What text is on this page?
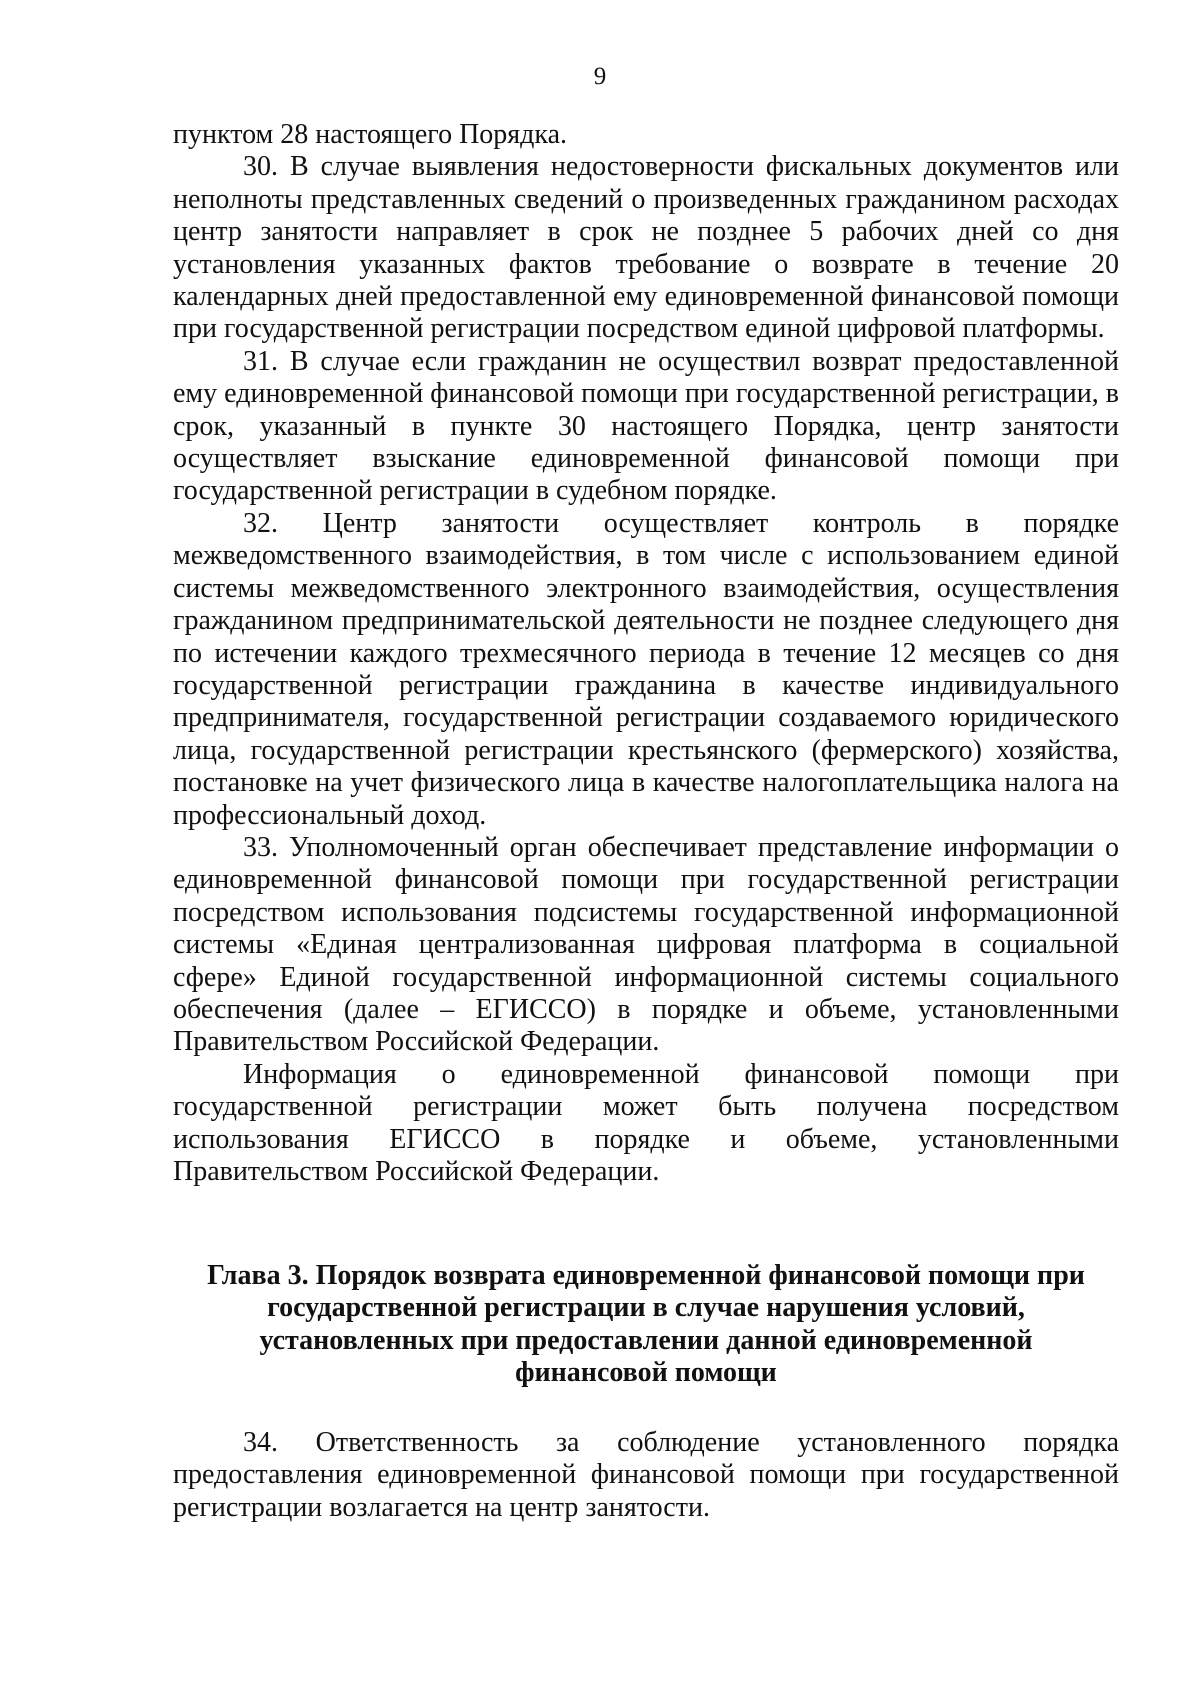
9

пунктом 28 настоящего Порядка.

30. В случае выявления недостоверности фискальных документов или неполноты представленных сведений о произведенных гражданином расходах центр занятости направляет в срок не позднее 5 рабочих дней со дня установления указанных фактов требование о возврате в течение 20 календарных дней предоставленной ему единовременной финансовой помощи при государственной регистрации посредством единой цифровой платформы.

31. В случае если гражданин не осуществил возврат предоставленной ему единовременной финансовой помощи при государственной регистрации, в срок, указанный в пункте 30 настоящего Порядка, центр занятости осуществляет взыскание единовременной финансовой помощи при государственной регистрации в судебном порядке.

32. Центр занятости осуществляет контроль в порядке межведомственного взаимодействия, в том числе с использованием единой системы межведомственного электронного взаимодействия, осуществления гражданином предпринимательской деятельности не позднее следующего дня по истечении каждого трехмесячного периода в течение 12 месяцев со дня государственной регистрации гражданина в качестве индивидуального предпринимателя, государственной регистрации создаваемого юридического лица, государственной регистрации крестьянского (фермерского) хозяйства, постановке на учет физического лица в качестве налогоплательщика налога на профессиональный доход.

33. Уполномоченный орган обеспечивает представление информации о единовременной финансовой помощи при государственной регистрации посредством использования подсистемы государственной информационной системы «Единая централизованная цифровая платформа в социальной сфере» Единой государственной информационной системы социального обеспечения (далее – ЕГИССО) в порядке и объеме, установленными Правительством Российской Федерации.

Информация о единовременной финансовой помощи при государственной регистрации может быть получена посредством использования ЕГИССО в порядке и объеме, установленными Правительством Российской Федерации.

Глава 3. Порядок возврата единовременной финансовой помощи при
государственной регистрации в случае нарушения условий,
установленных при предоставлении данной единовременной
финансовой помощи

34. Ответственность за соблюдение установленного порядка предоставления единовременной финансовой помощи при государственной регистрации возлагается на центр занятости.
